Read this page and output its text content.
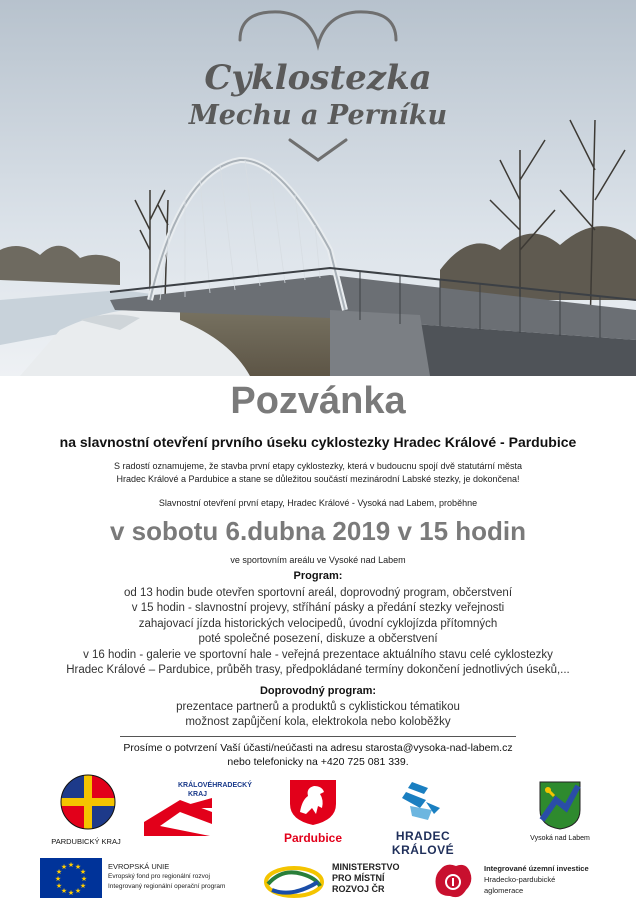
Cyklostezka
Mechu a Perníku
Pozvánka
na slavnostní otevření prvního úseku cyklostezky Hradec Králové - Pardubice
S radostí oznamujeme, že stavba první etapy cyklostezky, která v budoucnu spojí dvě statutární města
Hradec Králové a Pardubice a stane se důležitou součástí mezinárodní Labské stezky, je dokončena!
Slavnostní otevření první etapy, Hradec Králové - Vysoká nad Labem, proběhne
v sobotu 6.dubna 2019 v 15 hodin
ve sportovním areálu ve Vysoké nad Labem
Program:
od 13 hodin bude otevřen sportovní areál, doprovodný program, občerstvení
v 15 hodin - slavnostní projevy, stříhání pásky a předání stezky veřejnosti
zahajovací jízda historických velocipedů, úvodní cyklojízda přítomných
poté společné posezení, diskuze a občerstvení
v 16 hodin - galerie ve sportovní hale - veřejná prezentace aktuálního stavu celé cyklostezky
Hradec Králové – Pardubice, průběh trasy, předpokládané termíny dokončení jednotlivých úseků,...
Doprovodný program:
prezentace partnerů a produktů s cyklistickou tématikou
možnost zapůjčení kola, elektrokola nebo koloběžky
Prosíme o potvrzení Vaší účasti/neúčasti na adresu starosta@vysoka-nad-labem.cz
nebo telefonicky na +420 725 081 339.
PARDUBICKÝ KRAJ
KRÁLOVÉHRADECKÝ
KRAJ
Pardubice	HRADEC KRÁLOVÉ
Vysoká nad Labem
★ ★
★
★
★
★
★
★
★
★
★
★	EVROPSKÁ UNIE
Evropský fond pro regionální rozvoj
Integrovaný regionální operační program
MINISTERSTVO
PRO MÍSTNÍ
ROZVOJ ČR
Integrované územní investice
Hradecko-pardubické
aglomerace
